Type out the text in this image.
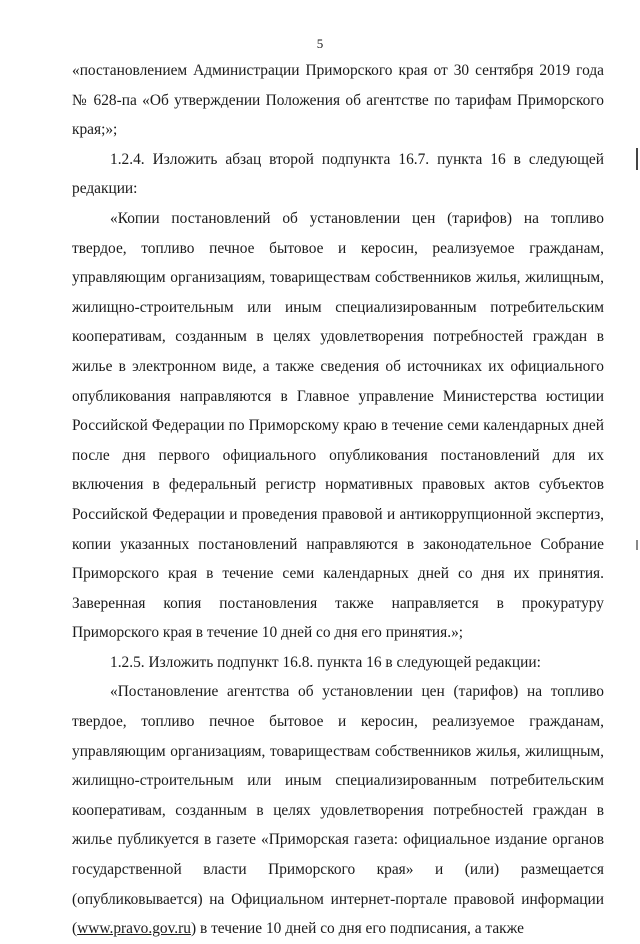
5

«постановлением Администрации Приморского края от 30 сентября 2019 года № 628-па «Об утверждении Положения об агентстве по тарифам Приморского края;»;

1.2.4. Изложить абзац второй подпункта 16.7. пункта 16 в следующей редакции:

«Копии постановлений об установлении цен (тарифов) на топливо твердое, топливо печное бытовое и керосин, реализуемое гражданам, управляющим организациям, товариществам собственников жилья, жилищным, жилищно-строительным или иным специализированным потребительским кооперативам, созданным в целях удовлетворения потребностей граждан в жилье в электронном виде, а также сведения об источниках их официального опубликования направляются в Главное управление Министерства юстиции Российской Федерации по Приморскому краю в течение семи календарных дней после дня первого официального опубликования постановлений для их включения в федеральный регистр нормативных правовых актов субъектов Российской Федерации и проведения правовой и антикоррупционной экспертиз, копии указанных постановлений направляются в законодательное Собрание Приморского края в течение семи календарных дней со дня их принятия. Заверенная копия постановления также направляется в прокуратуру Приморского края в течение 10 дней со дня его принятия.»;

1.2.5. Изложить подпункт 16.8. пункта 16 в следующей редакции:

«Постановление агентства об установлении цен (тарифов) на топливо твердое, топливо печное бытовое и керосин, реализуемое гражданам, управляющим организациям, товариществам собственников жилья, жилищным, жилищно-строительным или иным специализированным потребительским кооперативам, созданным в целях удовлетворения потребностей граждан в жилье публикуется в газете «Приморская газета: официальное издание органов государственной власти Приморского края» и (или) размещается (опубликовывается) на Официальном интернет-портале правовой информации (www.pravo.gov.ru) в течение 10 дней со дня его подписания, а также
